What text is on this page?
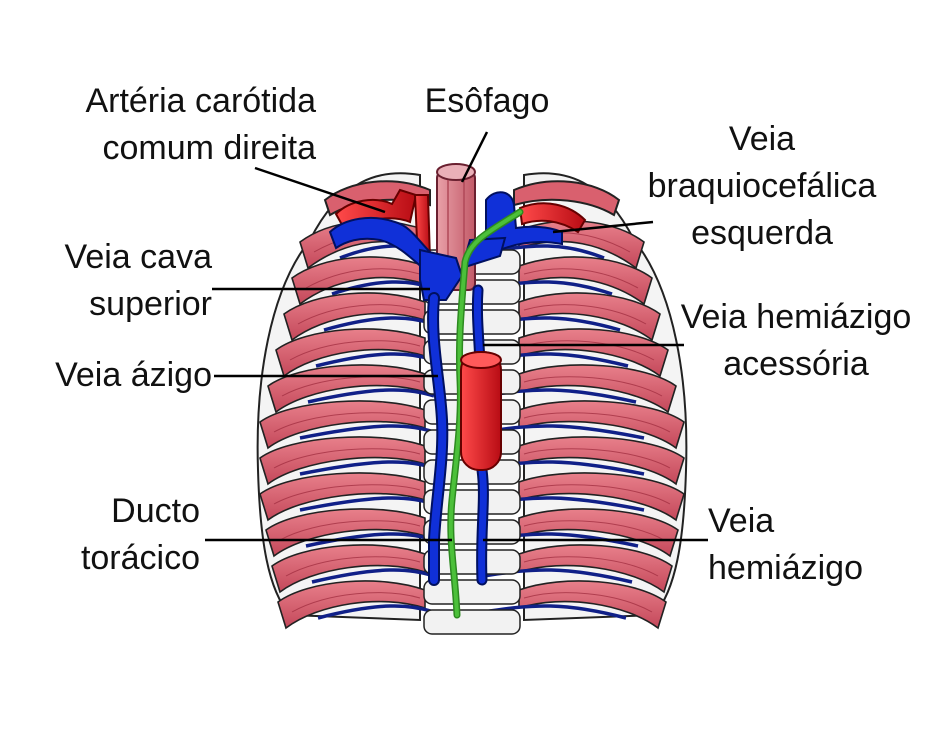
Artéria carótida
comum direita
Esôfago
Veia
braquiocefálica
esquerda
Veia cava
superior	Veia hemiázigo
acessória
Veia ázigo
Ducto
torácico
Veia
hemiázigo
